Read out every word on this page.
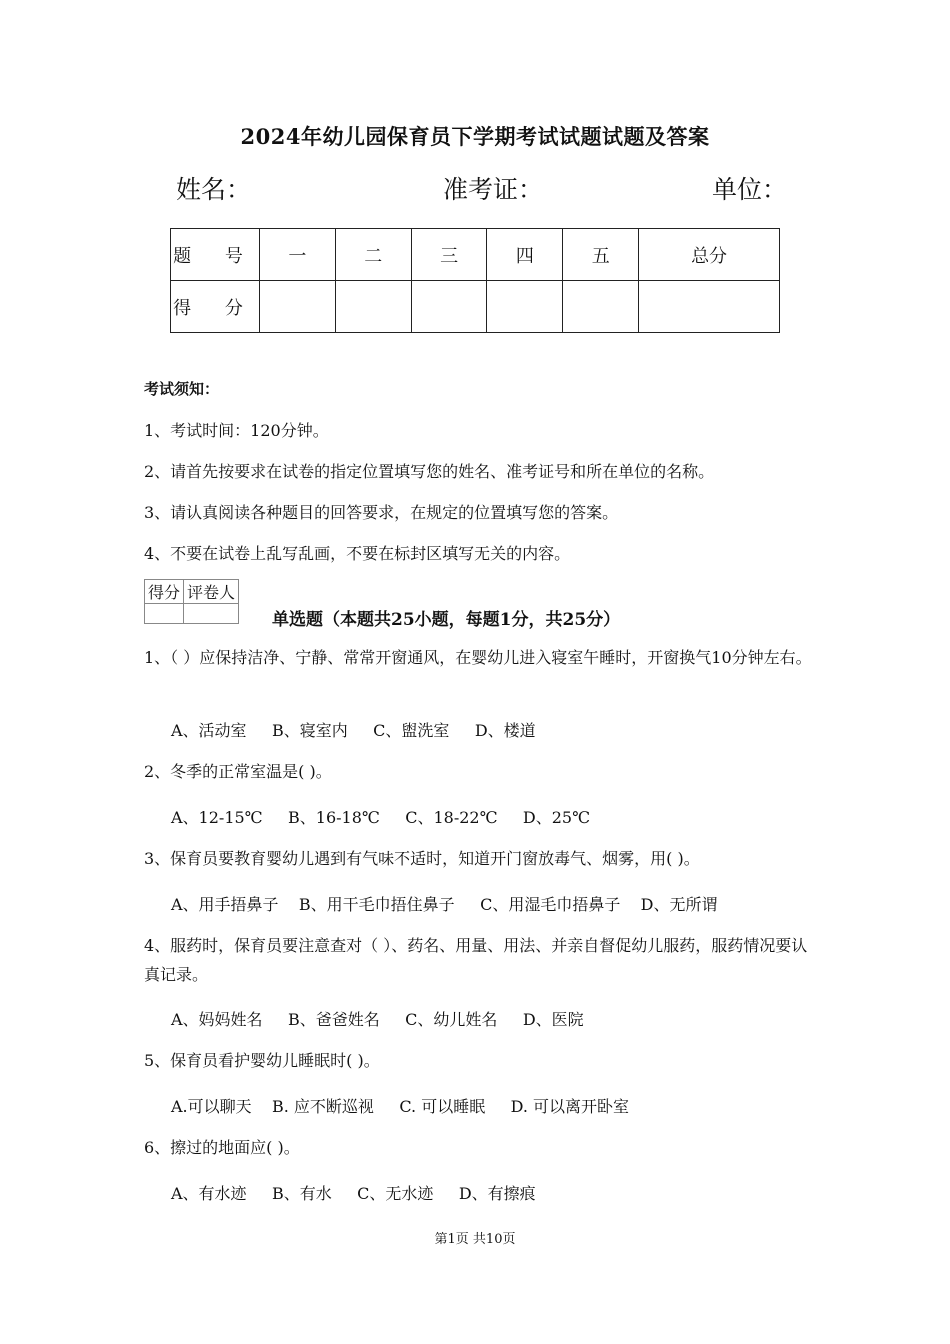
2024年幼儿园保育员下学期考试试题试题及答案
姓名：	准考证：	单位：
题 号	一	二	三	四	五	总分
得 分						
考试须知：
1、考试时间：120分钟。
2、请首先按要求在试卷的指定位置填写您的姓名、准考证号和所在单位的名称。
3、请认真阅读各种题目的回答要求，在规定的位置填写您的答案。
4、不要在试卷上乱写乱画，不要在标封区填写无关的内容。
得分	评卷人

单选题（本题共25小题，每题1分，共25分）
1、（ ）应保持洁净、宁静、常常开窗通风，在婴幼儿进入寝室午睡时，开窗换气10分钟左右。
A、活动室     B、寝室内     C、盥洗室     D、楼道
2、冬季的正常室温是( )。
A、12-15℃     B、16-18℃     C、18-22℃     D、25℃
3、保育员要教育婴幼儿遇到有气味不适时，知道开门窗放毒气、烟雾，用( )。
A、用手捂鼻子    B、用干毛巾捂住鼻子     C、用湿毛巾捂鼻子    D、无所谓
4、服药时，保育员要注意查对（ ）、药名、用量、用法、并亲自督促幼儿服药，服药情况要认真记录。
A、妈妈姓名     B、爸爸姓名     C、幼儿姓名     D、医院
5、保育员看护婴幼儿睡眠时( )。
A.可以聊天    B. 应不断巡视     C. 可以睡眠     D. 可以离开卧室
6、擦过的地面应( )。
A、有水迹     B、有水     C、无水迹     D、有擦痕
第1页 共10页
